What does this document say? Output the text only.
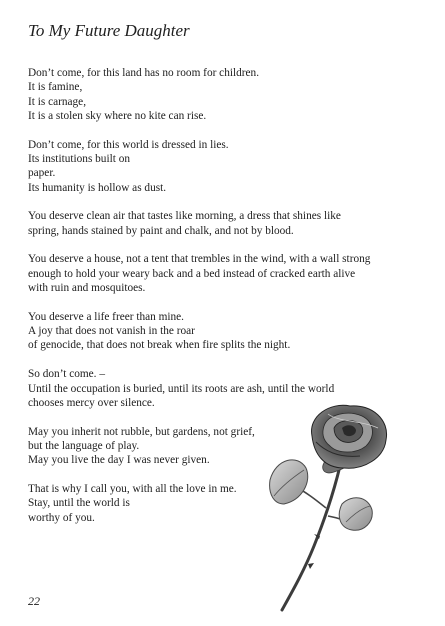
To My Future Daughter
Don’t come, for this land has no room for children.
It is famine,
It is carnage,
It is a stolen sky where no kite can rise.
Don’t come, for this world is dressed in lies.
Its institutions built on
paper.
Its humanity is hollow as dust.
You deserve clean air that tastes like morning, a dress that shines like
spring, hands stained by paint and chalk, and not by blood.
You deserve a house, not a tent that trembles in the wind, with a wall strong
enough to hold your weary back and a bed instead of cracked earth alive
with ruin and mosquitoes.
You deserve a life freer than mine.
A joy that does not vanish in the roar
of genocide, that does not break when fire splits the night.
So don’t come. –
Until the occupation is buried, until its roots are ash, until the world
chooses mercy over silence.
May you inherit not rubble, but gardens, not grief,
but the language of play.
May you live the day I was never given.
That is why I call you, with all the love in me.
Stay, until the world is
worthy of you.
22
